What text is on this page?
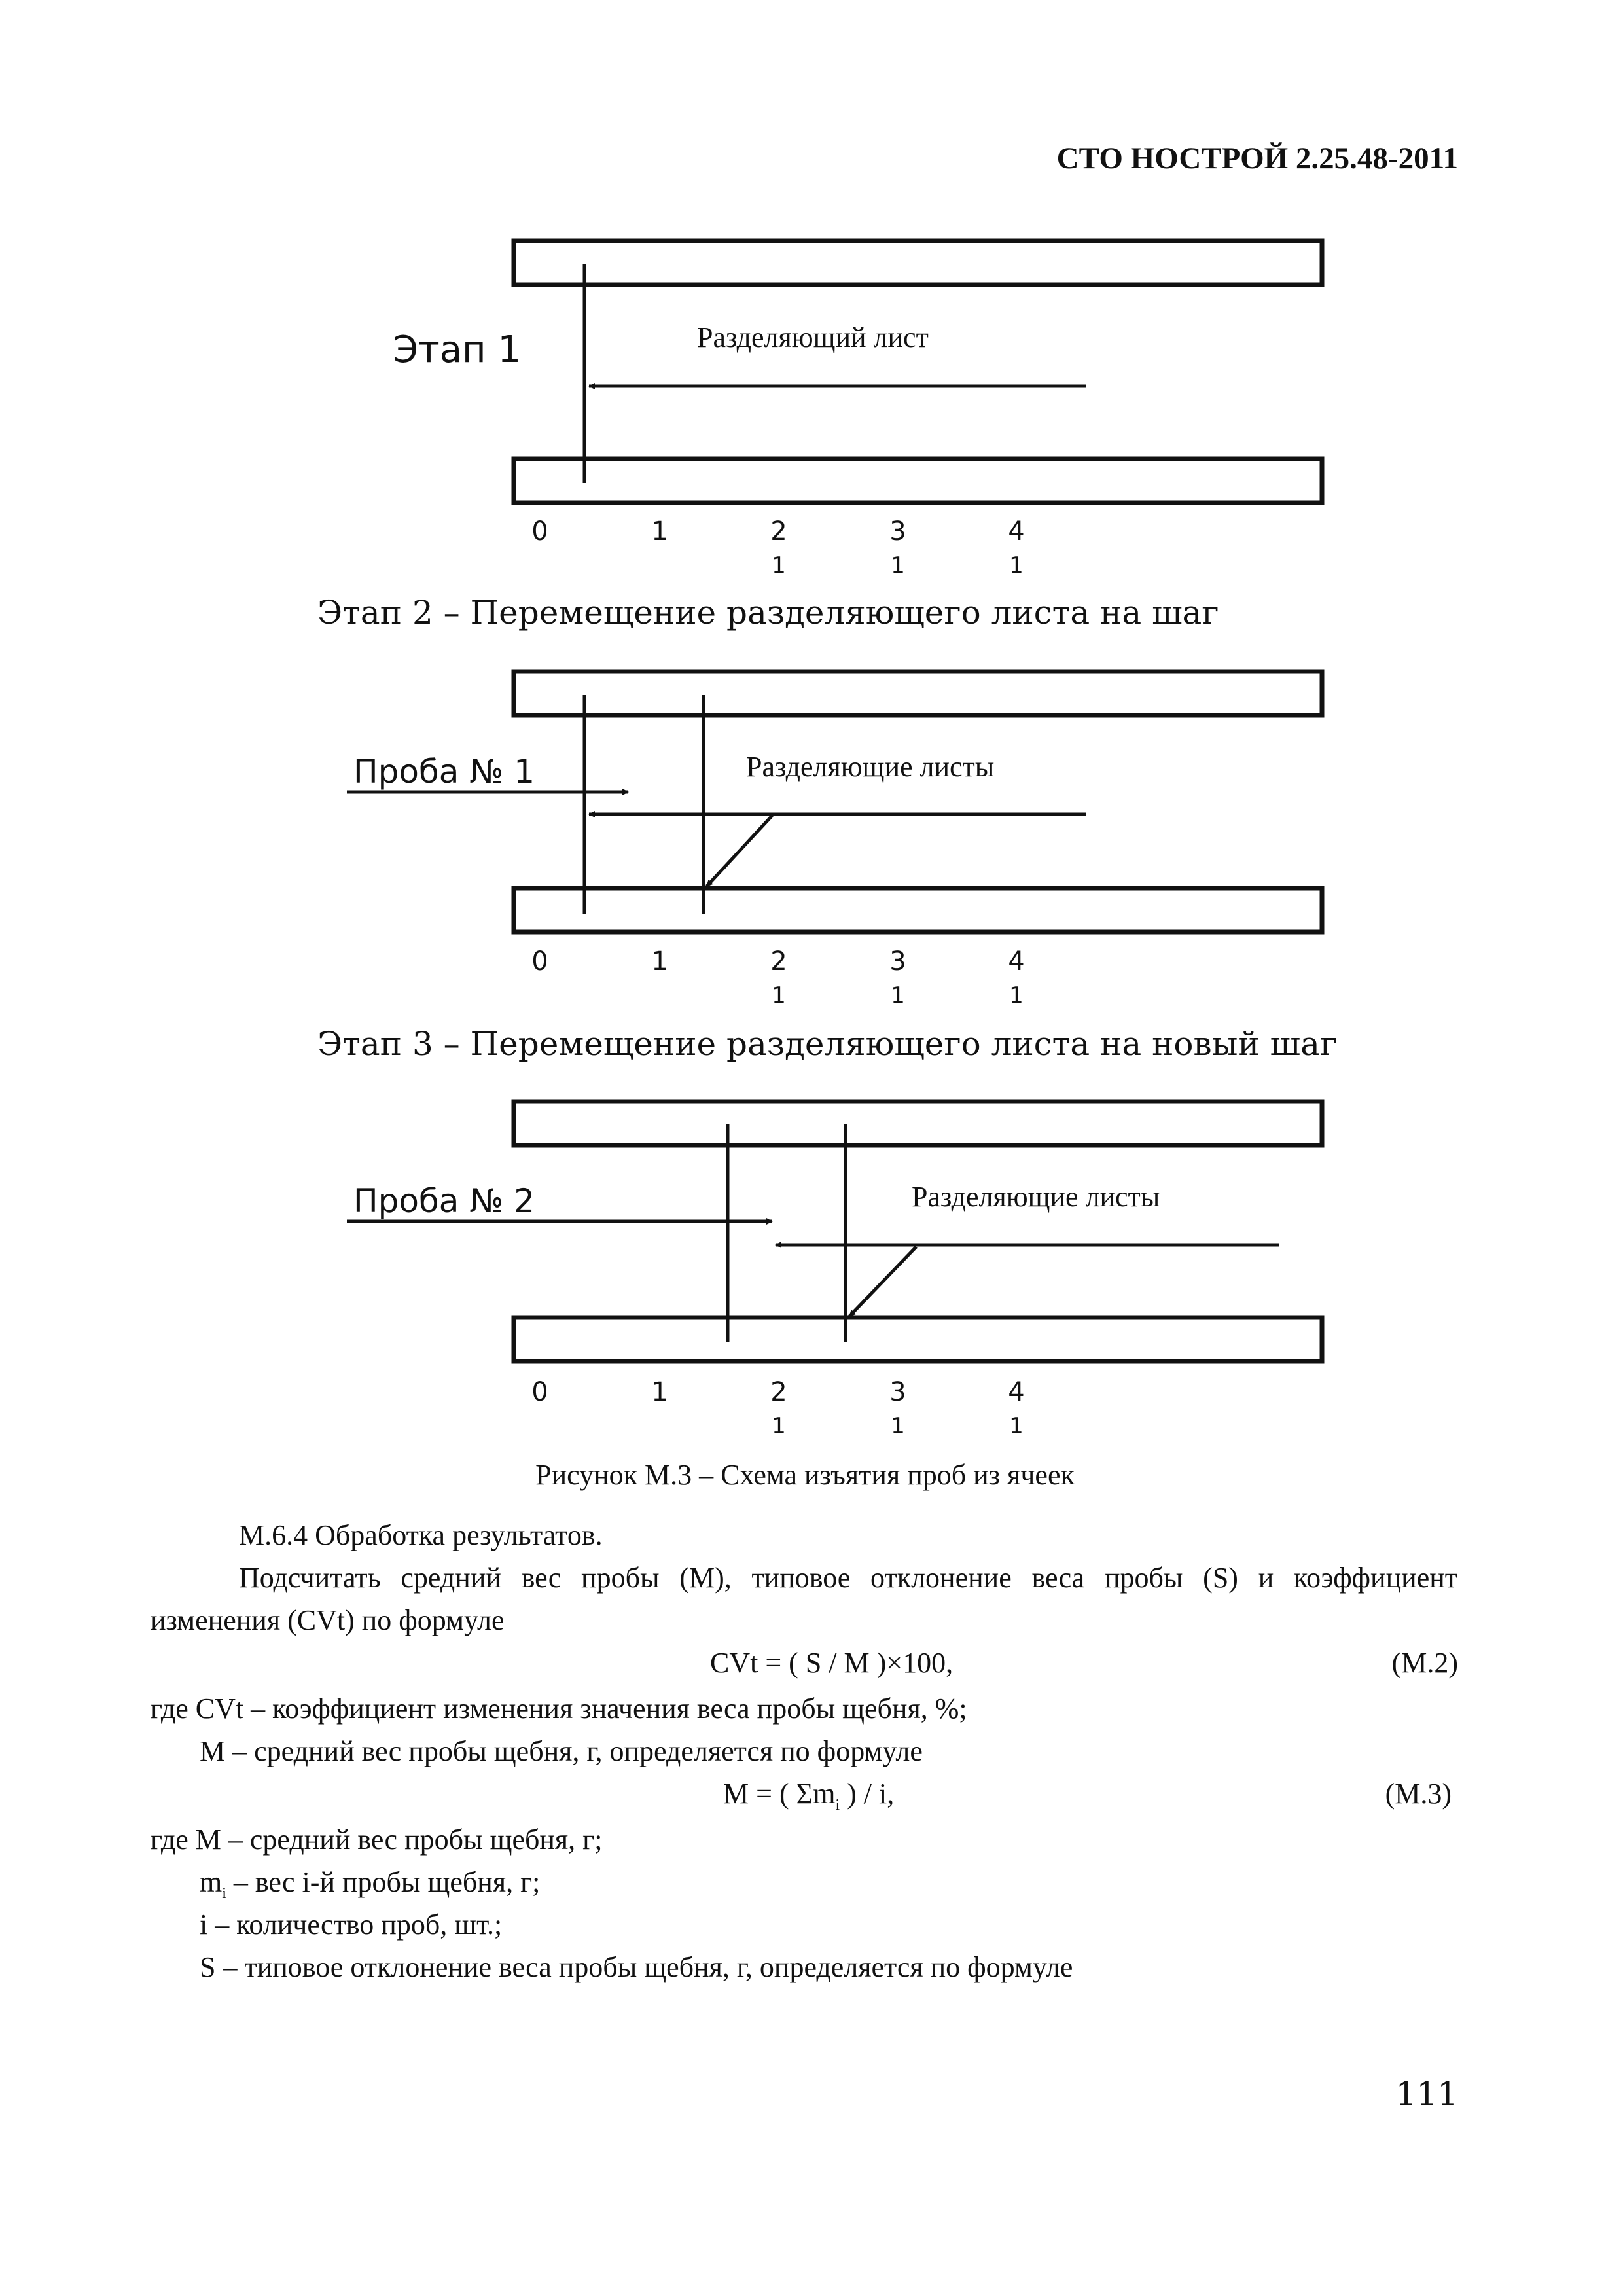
СТО НОСТРОЙ 2.25.48-2011
Этап 1	Разделяющий лист
0	1	2	3	4
1	1	1
Этап 2 – Перемещение разделяющего листа на шаг
Проба № 1	Разделяющие листы
0	1	2	3	4
1	1	1
Этап 3 – Перемещение разделяющего листа на новый шаг
Проба № 2	Разделяющие листы
0	1	2	3	4
1	1	1
Рисунок М.3 – Схема изъятия проб из ячеек
М.6.4 Обработка результатов.
Подсчитать средний вес пробы (М), типовое отклонение веса пробы (S) и коэффициент
изменения (CVt) по формуле
CVt = ( S / M )×100,	(М.2)
где CVt – коэффициент изменения значения веса пробы щебня, %;
М – средний вес пробы щебня, г, определяется по формуле
M = ( $\Sigma m_i$ ) / i,	(М.3)
где М – средний вес пробы щебня, г;
$m_i$ – вес i-й пробы щебня, г;
i – количество проб, шт.;
S – типовое отклонение веса пробы щебня, г, определяется по формуле
111
